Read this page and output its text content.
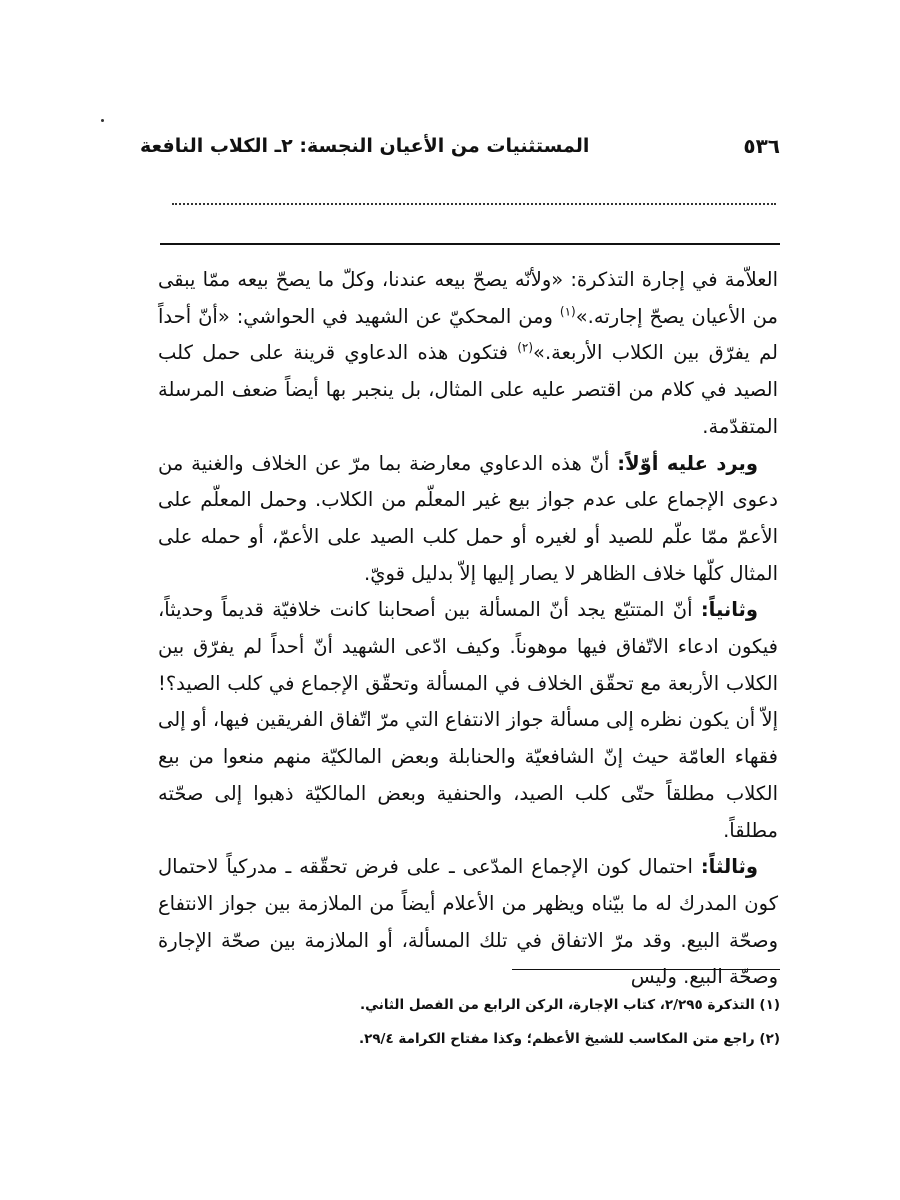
٥٣٦
المستثنيات من الأعيان النجسة: ٢ـ الكلاب النافعة

العلاّمة في إجارة التذكرة: «ولأنّه يصحّ بيعه عندنا، وكلّ ما يصحّ بيعه ممّا يبقى من الأعيان يصحّ إجارته.»$^{(١)}$ ومن المحكيّ عن الشهيد في الحواشي: «أنّ أحداً لم يفرّق بين الكلاب الأربعة.»$^{(٢)}$ فتكون هذه الدعاوي قرينة على حمل كلب الصيد في كلام من اقتصر عليه على المثال، بل ينجبر بها أيضاً ضعف المرسلة المتقدّمة.

ويرد عليه أوّلاً: أنّ هذه الدعاوي معارضة بما مرّ عن الخلاف والغنية من دعوى الإجماع على عدم جواز بيع غير المعلّم من الكلاب. وحمل المعلّم على الأعمّ ممّا علّم للصيد أو لغيره أو حمل كلب الصيد على الأعمّ، أو حمله على المثال كلّها خلاف الظاهر لا يصار إليها إلاّ بدليل قويّ.

وثانياً: أنّ المتتبّع يجد أنّ المسألة بين أصحابنا كانت خلافيّة قديماً وحديثاً، فيكون ادعاء الاتّفاق فيها موهوناً. وكيف ادّعى الشهيد أنّ أحداً لم يفرّق بين الكلاب الأربعة مع تحقّق الخلاف في المسألة وتحقّق الإجماع في كلب الصيد؟! إلاّ أن يكون نظره إلى مسألة جواز الانتفاع التي مرّ اتّفاق الفريقين فيها، أو إلى فقهاء العامّة حيث إنّ الشافعيّة والحنابلة وبعض المالكيّة منهم منعوا من بيع الكلاب مطلقاً حتّى كلب الصيد، والحنفية وبعض المالكيّة ذهبوا إلى صحّته مطلقاً.

وثالثاً: احتمال كون الإجماع المدّعى ـ على فرض تحقّقه ـ مدركياً لاحتمال كون المدرك له ما بيّناه ويظهر من الأعلام أيضاً من الملازمة بين جواز الانتفاع وصحّة البيع. وقد مرّ الاتفاق في تلك المسألة، أو الملازمة بين صحّة الإجارة وصحّة البيع. وليس

(١) التذكرة ٢/٢٩٥، كتاب الإجارة، الركن الرابع من الفصل الثاني.

(٢) راجع متن المكاسب للشيخ الأعظم؛ وكذا مفتاح الكرامة ٢٩/٤.
